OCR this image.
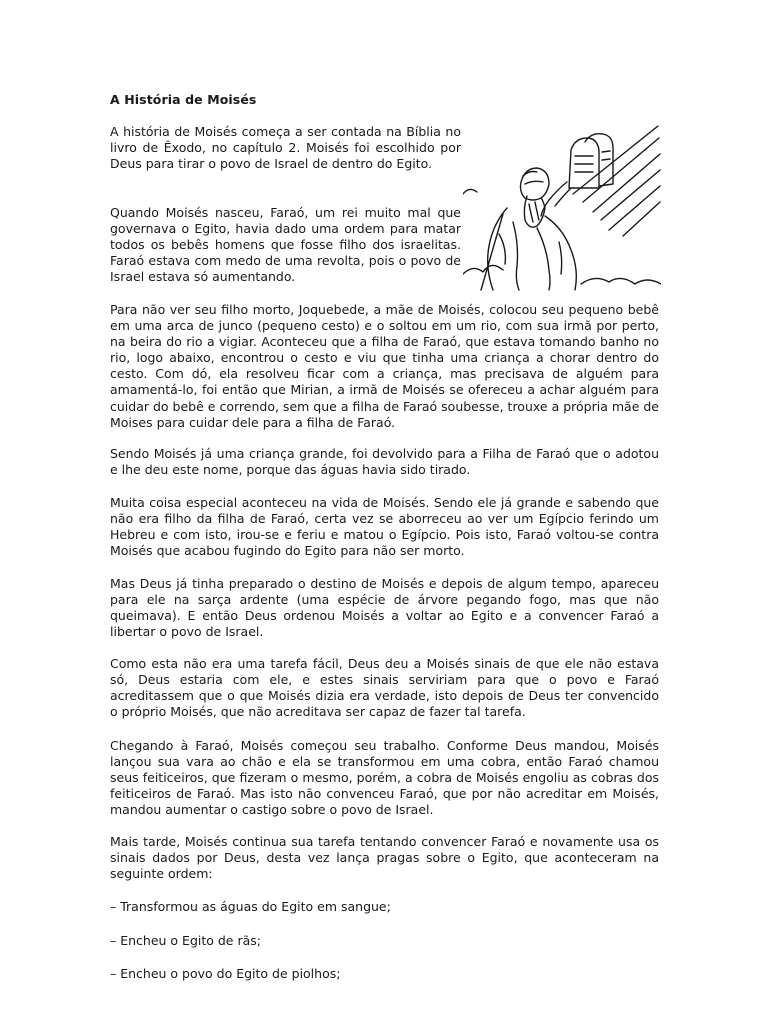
A História de Moisés

A história de Moisés começa a ser contada na Bíblia no livro de Êxodo, no capítulo 2. Moisés foi escolhido por Deus para tirar o povo de Israel de dentro do Egito.

Quando Moisés nasceu, Faraó, um rei muito mal que governava o Egito, havia dado uma ordem para matar todos os bebês homens que fosse filho dos israelitas. Faraó estava com medo de uma revolta, pois o povo de Israel estava só aumentando.

Para não ver seu filho morto, Joquebede, a mãe de Moisés, colocou seu pequeno bebê em uma arca de junco (pequeno cesto) e o soltou em um rio, com sua irmã por perto, na beira do rio a vigiar. Aconteceu que a filha de Faraó, que estava tomando banho no rio, logo abaixo, encontrou o cesto e viu que tinha uma criança a chorar dentro do cesto. Com dó, ela resolveu ficar com a criança, mas precisava de alguém para amamentá-lo, foi então que Mirian, a irmã de Moisés se ofereceu a achar alguém para cuidar do bebê e correndo, sem que a filha de Faraó soubesse, trouxe a própria mãe de Moises para cuidar dele para a filha de Faraó.

Sendo Moisés já uma criança grande, foi devolvido para a Filha de Faraó que o adotou e lhe deu este nome, porque das águas havia sido tirado.

Muita coisa especial aconteceu na vida de Moisés. Sendo ele já grande e sabendo que não era filho da filha de Faraó, certa vez se aborreceu ao ver um Egípcio ferindo um Hebreu e com isto, irou-se e feriu e matou o Egípcio. Pois isto, Faraó voltou-se contra Moisés que acabou fugindo do Egito para não ser morto.

Mas Deus já tinha preparado o destino de Moisés e depois de algum tempo, apareceu para ele na sarça ardente (uma espécie de árvore pegando fogo, mas que não queimava). E então Deus ordenou Moisés a voltar ao Egito e a convencer Faraó a libertar o povo de Israel.

Como esta não era uma tarefa fácil, Deus deu a Moisés sinais de que ele não estava só, Deus estaria com ele, e estes sinais serviriam para que o povo e Faraó acreditassem que o que Moisés dizia era verdade, isto depois de Deus ter convencido o próprio Moisés, que não acreditava ser capaz de fazer tal tarefa.

Chegando à Faraó, Moisés começou seu trabalho. Conforme Deus mandou, Moisés lançou sua vara ao chão e ela se transformou em uma cobra, então Faraó chamou seus feiticeiros, que fizeram o mesmo, porém, a cobra de Moisés engoliu as cobras dos feiticeiros de Faraó. Mas isto não convenceu Faraó, que por não acreditar em Moisés, mandou aumentar o castigo sobre o povo de Israel.

Mais tarde, Moisés continua sua tarefa tentando convencer Faraó e novamente usa os sinais dados por Deus, desta vez lança pragas sobre o Egito, que aconteceram na seguinte ordem:

– Transformou as águas do Egito em sangue;
– Encheu o Egito de rãs;
– Encheu o povo do Egito de piolhos;
